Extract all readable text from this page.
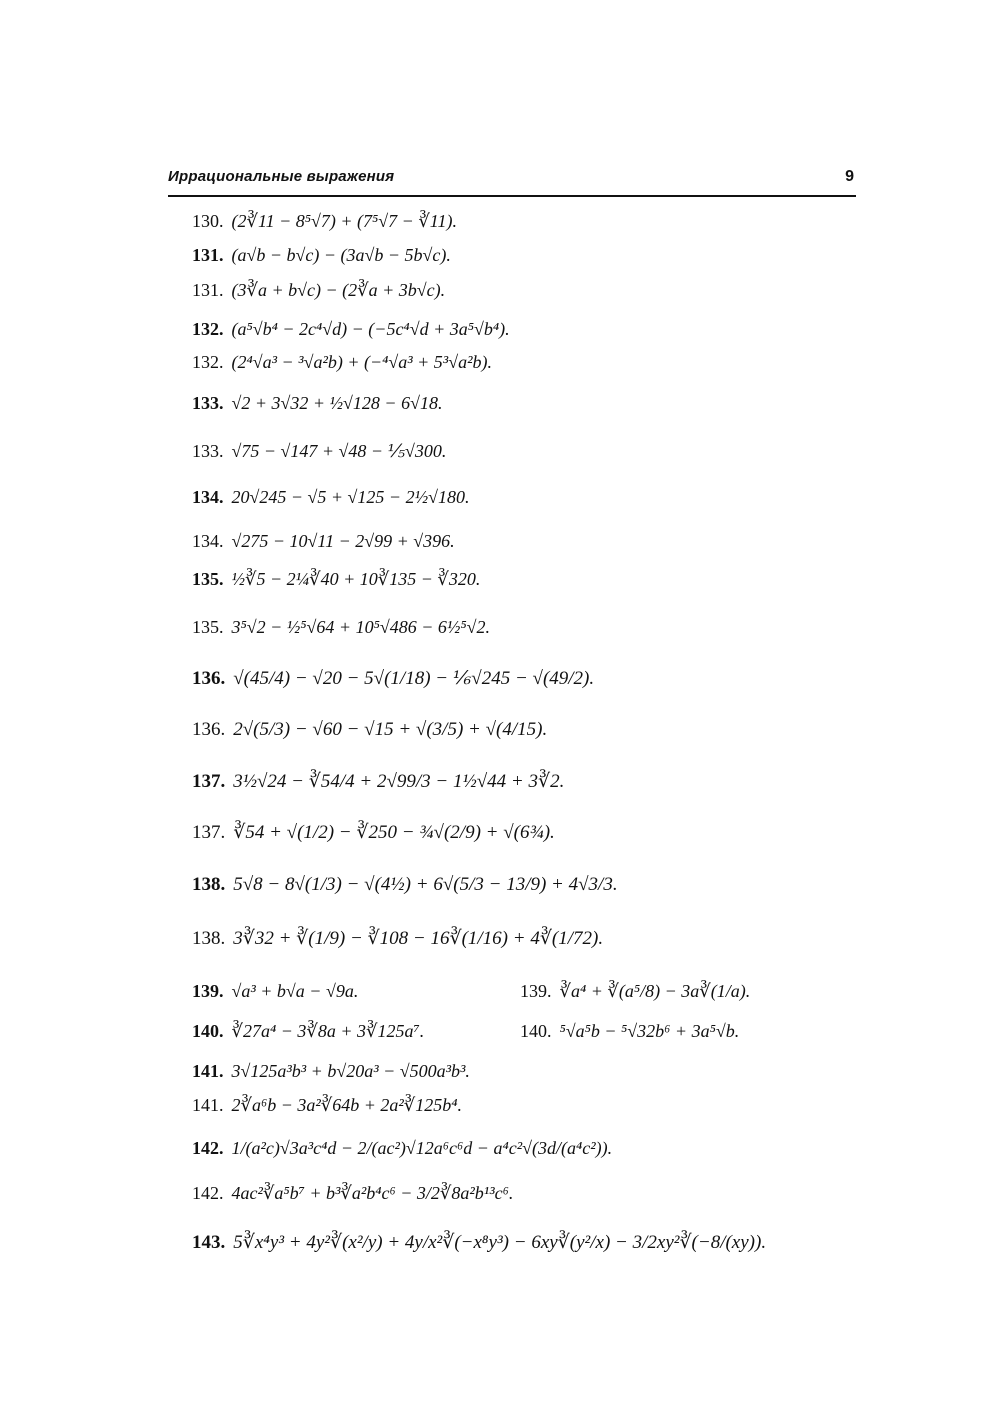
Иррациональные выражения	9
130. (2∛11 − 8⁵√7) + (7⁵√7 − ∛11).
131. (a√b − b√c) − (3a√b − 5b√c).
131. (3∛a + b√c) − (2∛a + 3b√c).
132. (a⁵√b⁴ − 2c⁴√d) − (−5c⁴√d + 3a⁵√b⁴).
132. (2⁴√a³ − ³√a²b) + (−⁴√a³ + 5³√a²b).
133. √2 + 3√32 + ½√128 − 6√18.
133. √75 − √147 + √48 − ⅕√300.
134. 20√245 − √5 + √125 − 2½√180.
134. √275 − 10√11 − 2√99 + √396.
135. ½∛5 − 2¼∛40 + 10∛135 − ∛320.
135. 3⁵√2 − ½⁵√64 + 10⁵√486 − 6½⁵√2.
136. √(45/4) − √20 − 5√(1/18) − ⅙√245 − √(49/2).
136. 2√(5/3) − √60 − √15 + √(3/5) + √(4/15).
137. 3½√24 − ∛54/4 + 2√99/3 − 1½√44 + 3∛2.
137. ∛54 + √(1/2) − ∛250 − ¾√(2/9) + √(6¾).
138. 5√8 − 8√(1/3) − √(4½) + 6√(5/3 − 13/9) + 4√3/3.
138. 3∛32 + ∛(1/9) − ∛108 − 16∛(1/16) + 4∛(1/72).
139. √a³ + b√a − √9a.	139. ∛a⁴ + ∛(a⁵/8) − 3a∛(1/a).
140. ∛27a⁴ − 3∛8a + 3∛125a⁷.	140. ⁵√a⁵b − ⁵√32b⁶ + 3a⁵√b.
141. 3√125a³b³ + b√20a³ − √500a³b³.
141. 2∛a⁶b − 3a²∛64b + 2a²∛125b⁴.
142. 1/(a²c)√3a³c⁴d − 2/(ac²)√12a⁶c⁶d − a⁴c²√(3d/(a⁴c²)).
142. 4ac²∛a⁵b⁷ + b³∛a²b⁴c⁶ − 3/2∛8a²b¹³c⁶.
143. 5∛x⁴y³ + 4y²∛(x²/y) + 4y/x²∛(−x⁸y³) − 6xy∛(y²/x) − 3/2xy²∛(−8/(xy)).
